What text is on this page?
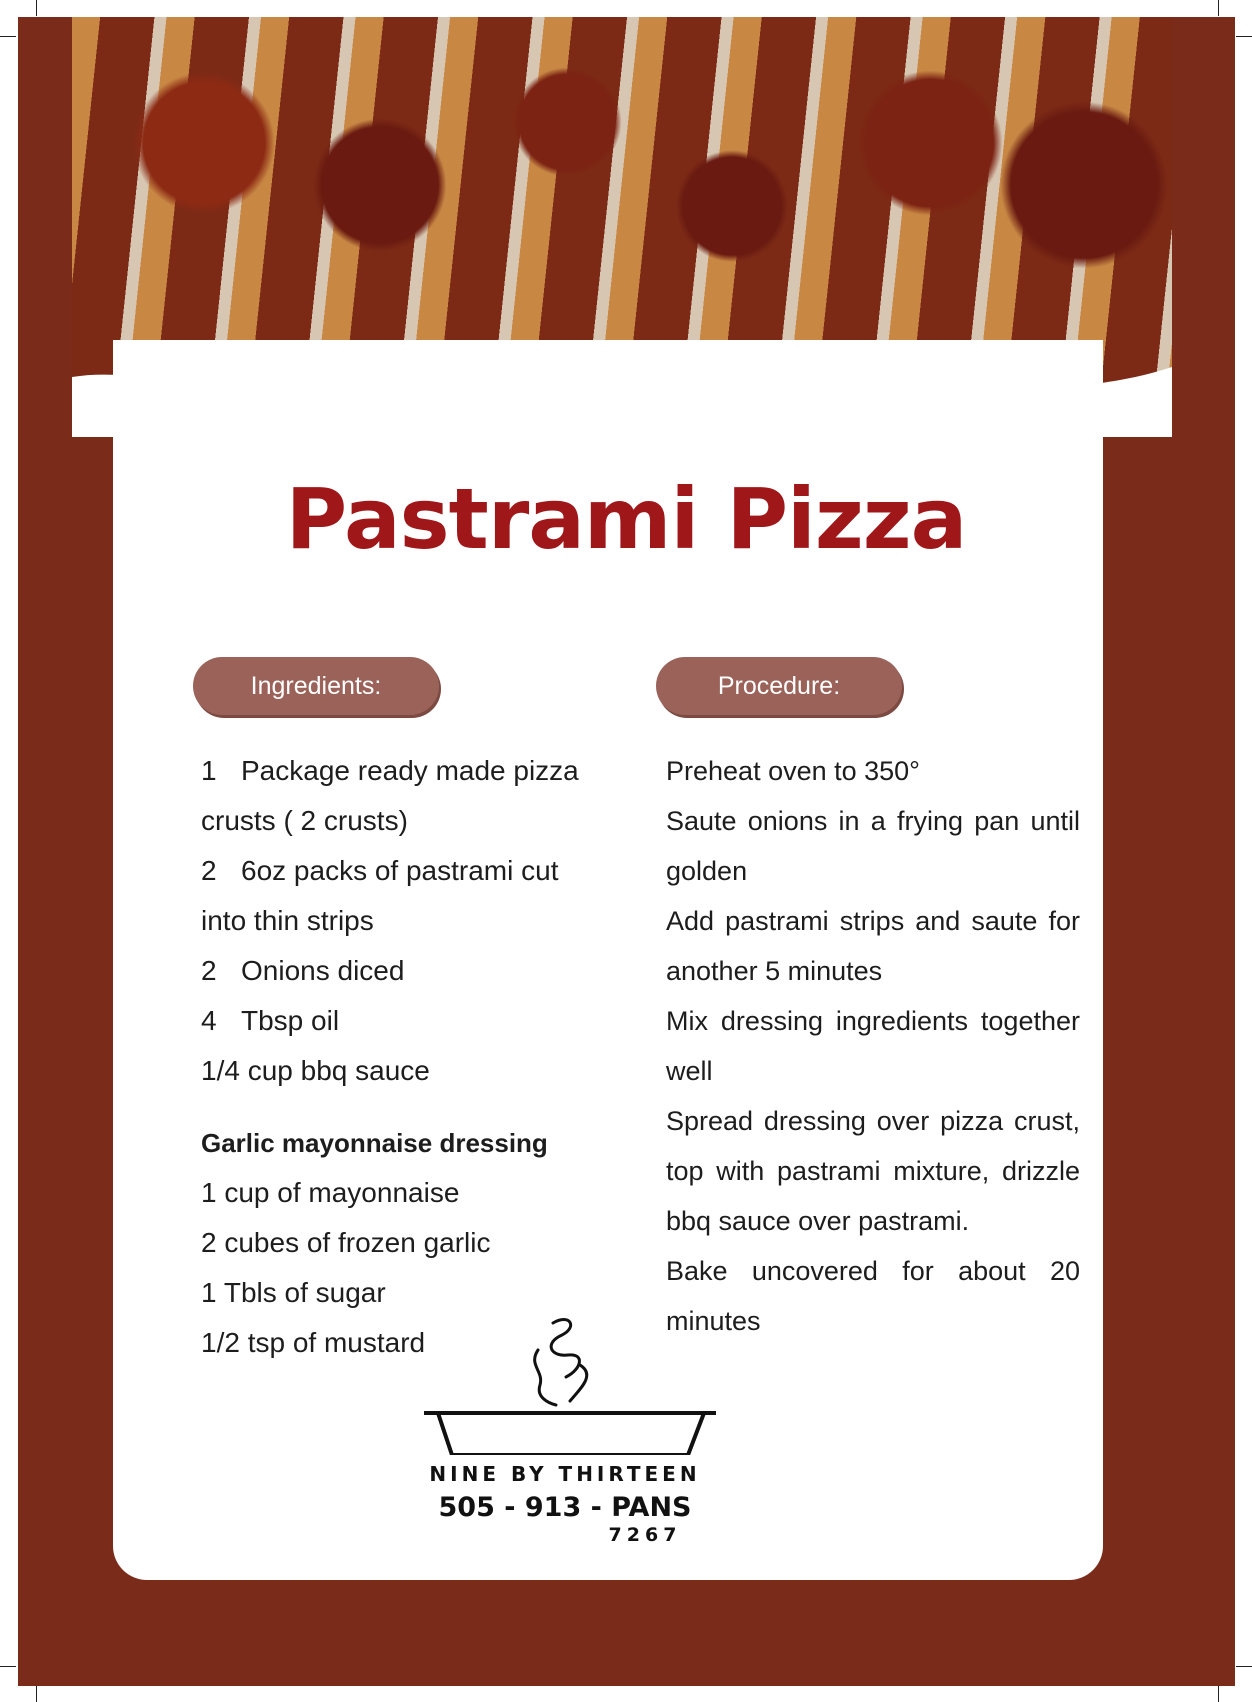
Pastrami Pizza
Ingredients:	Procedure:
1 Package ready made pizza
crusts ( 2 crusts)
2 6oz packs of pastrami cut
into thin strips
2 Onions diced
4 Tbsp oil
1/4 cup bbq sauce
Garlic mayonnaise dressing
1 cup of mayonnaise
2 cubes of frozen garlic
1 Tbls of sugar
1/2 tsp of mustard
Preheat oven to 350°
Saute onions in a frying pan until
golden
Add pastrami strips and saute for
another 5 minutes
Mix dressing ingredients together
well
Spread dressing over pizza crust,
top with pastrami mixture, drizzle
bbq sauce over pastrami.
Bake uncovered for about 20
minutes
NINE BY THIRTEEN
505 - 913 - PANS
7267
